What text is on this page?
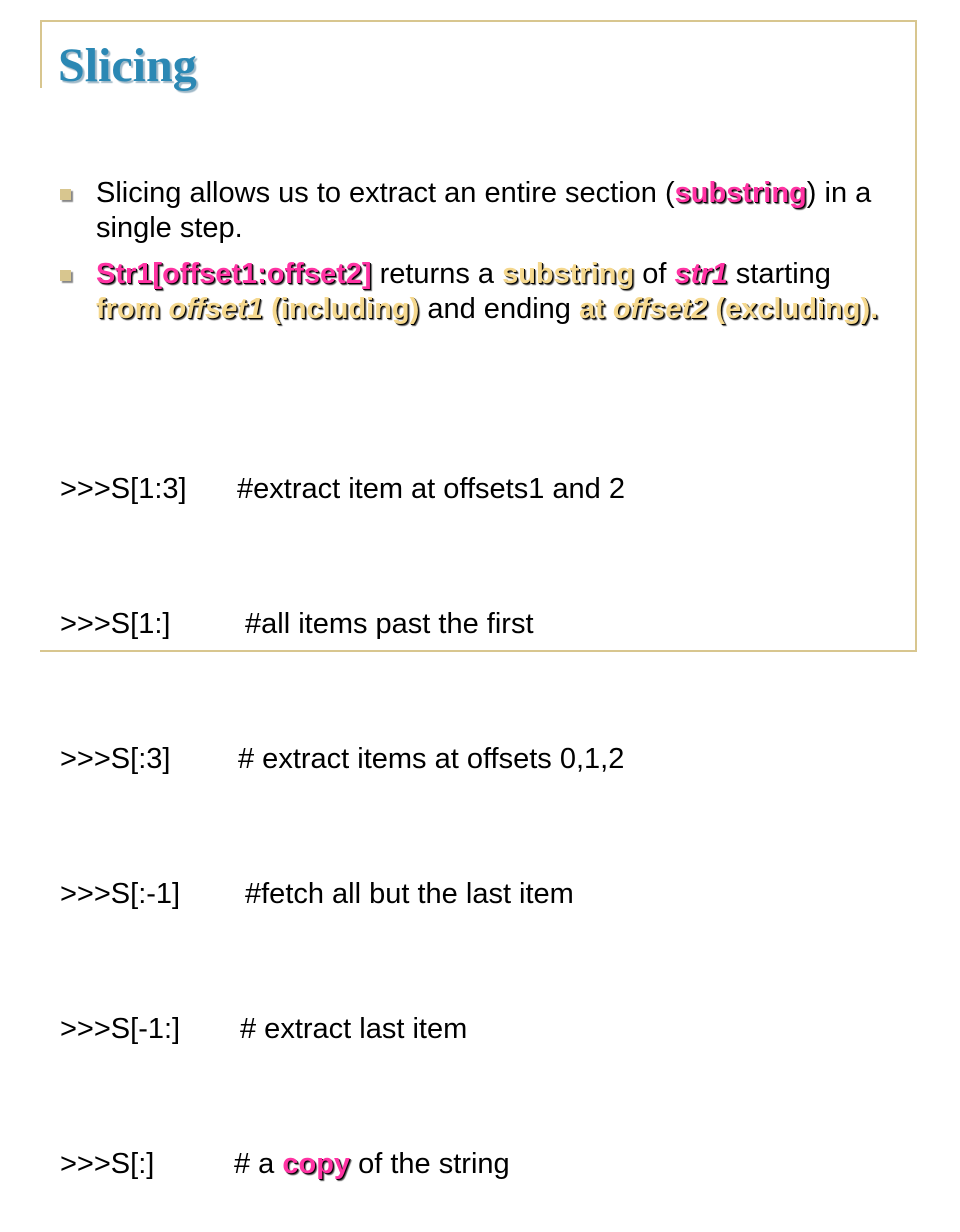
Slicing
Slicing allows us to extract an entire section (substring) in a single step.
Str1[offset1:offset2] returns a substring of str1 starting from offset1 (including) and ending at offset2 (excluding).

>>>S[1:3] #extract item at offsets1 and 2

>>>S[1:]	#all items past the first

>>>S[:3] # extract items at offsets 0,1,2

>>>S[:-1] #fetch all but the last item

>>>S[-1:] # extract last item

>>>S[:]	# a copy of the string
